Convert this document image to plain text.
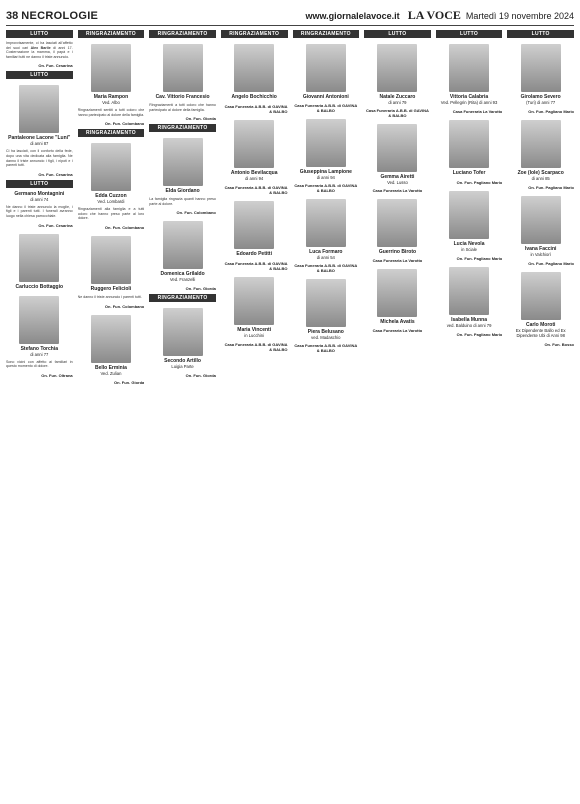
38 NECROLOGIE	www.giornalelavoce.it LA VOCE Martedì 19 novembre 2024
LUTTO
Improvvisamente, ci ha lasciati all'affetto dei suoi cari Alex Barile di anni 17. Costernazione la mamma, il papà e i familiari tutti ne danno il triste annuncio.
On. Fun. Cesarina
LUTTO
Pantaleone Lacone "Luni"
di anni 87
Ci ha lasciati, con il conforto della fede, dopo una vita dedicata alla famiglia. Ne danno il triste annuncio i figli, i nipoti e i parenti tutti.
On. Fun. Cesarina
LUTTO
Germano Montagnini
di anni 74
Ne danno il triste annuncio la moglie, i figli e i parenti tutti. I funerali avranno luogo nella chiesa parrocchiale.
On. Fun. Cesarina
Carluccio Bottaggio
Stefano Torchia
di anni 77
Sono vicini con affetto ai familiari in questo momento di dolore.
On. Fun. Oltrana
RINGRAZIAMENTO
Maria Rampon
Ved. Albo
Ringraziamenti sentiti a tutti coloro che hanno partecipato al dolore della famiglia.
On. Fun. Colombano
RINGRAZIAMENTO
Edda Cuzzon
Ved. Lombardi
Ringraziamenti alla famiglia e a tutti coloro che hanno preso parte al loro dolore.
On. Fun. Colombano
Ruggero Felicioli
Ne danno il triste annuncio i parenti tutti.
On. Fun. Colombano
Bello Erminia
Ved. Zulian
On. Fun. Giorda
RINGRAZIAMENTO
Cav. Vittorio Francesio
Ringraziamenti a tutti coloro che hanno partecipato al dolore della famiglia.
On. Fun. Giorda
RINGRAZIAMENTO
Elda Giordano
La famiglia ringrazia quanti hanno preso parte al dolore.
On. Fun. Colombano
Domenica Grilaldo
Ved. Franzelli
On. Fun. Giorda
RINGRAZIAMENTO
Secondo Artillo
Luigia Parte
On. Fun. Giorda
RINGRAZIAMENTO
Angelo Bochicchio
Casa Funeraria A.B.B. di GAVINA & BALBO
Antonio Bevilacqua
di anni 94
Casa Funeraria A.B.B. di GAVINA & BALBO
Edoardo Petitti
Casa Funeraria A.B.B. di GAVINA & BALBO
Maria Vincenti
in Lucchini
Casa Funeraria A.B.B. di GAVINA & BALBO
RINGRAZIAMENTO
Giovanni Antonioni
Casa Funeraria A.B.B. di GAVINA & BALBO
Giuseppina Lampione
di anni 94
Casa Funeraria A.B.B. di GAVINA & BALBO
Luca Formaro
di anni 54
Casa Funeraria A.B.B. di GAVINA & BALBO
Piera Belusano
ved. Madaschio
Casa Funeraria A.B.B. di GAVINA & BALBO
LUTTO
Natale Zuccaro
di anni 79
Casa Funeraria A.B.B. di GAVINA & BALBO
Gemma Airetti
Ved. Lusso
Casa Funeraria La Varotto
Guerrino Biroto
Casa Funeraria La Varotto
Michela Avatis
Casa Funeraria La Varotto
LUTTO
Vittoria Calabria
Ved. Pellegrin (Rita) di anni 93
Casa Funeraria La Varotto
Luciano Tofer
On. Fun. Pagliano Mario
Lucia Nevola
in Sciale
On. Fun. Pagliano Mario
Isabella Munna
ved. Balduino di anni 79
On. Fun. Pagliano Mario
LUTTO
Girolamo Severo
(Turi) di anni 77
On. Fun. Pagliano Mario
Zoe (Iole) Scarpaco
di anni 85
On. Fun. Pagliano Mario
Ivana Faccini
in Valchiorì
On. Fun. Pagliano Mario
Carlo Moroti
Ex Dipendente Ballo ed Ex Dipendente Ubi di Anni 98
On. Fun. Bosso
